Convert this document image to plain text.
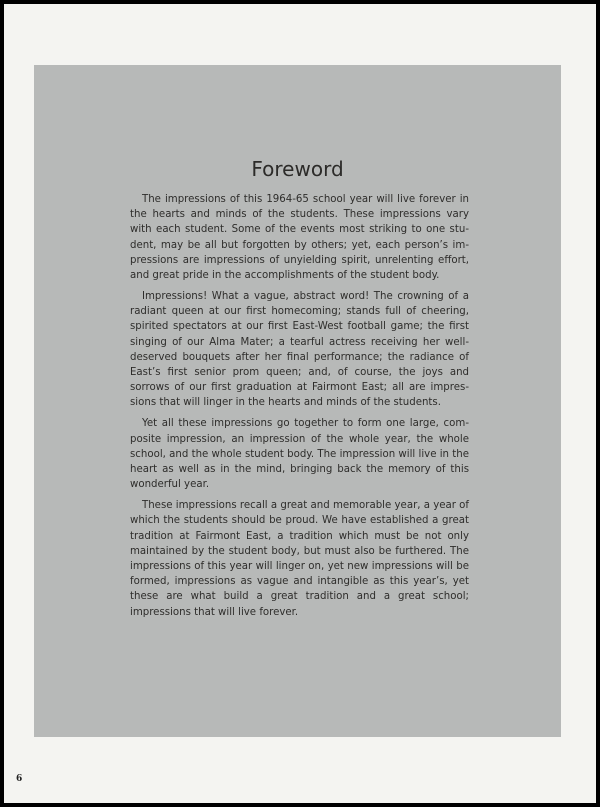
Foreword

The impressions of this 1964-65 school year will live forever in the hearts and minds of the students. These impressions vary with each student. Some of the events most striking to one student, may be all but forgotten by others; yet, each person’s impressions are impressions of unyielding spirit, unrelenting effort, and great pride in the accomplishments of the student body.

Impressions! What a vague, abstract word! The crowning of a radiant queen at our first homecoming; stands full of cheering, spirited spectators at our first East-West football game; the first singing of our Alma Mater; a tearful actress receiving her well-deserved bouquets after her final performance; the radiance of East’s first senior prom queen; and, of course, the joys and sorrows of our first graduation at Fairmont East; all are impressions that will linger in the hearts and minds of the students.

Yet all these impressions go together to form one large, composite impression, an impression of the whole year, the whole school, and the whole student body. The impression will live in the heart as well as in the mind, bringing back the memory of this wonderful year.

These impressions recall a great and memorable year, a year of which the students should be proud. We have established a great tradition at Fairmont East, a tradition which must be not only maintained by the student body, but must also be furthered. The impressions of this year will linger on, yet new impressions will be formed, impressions as vague and intangible as this year’s, yet these are what build a great tradition and a great school; impressions that will live forever.

6
